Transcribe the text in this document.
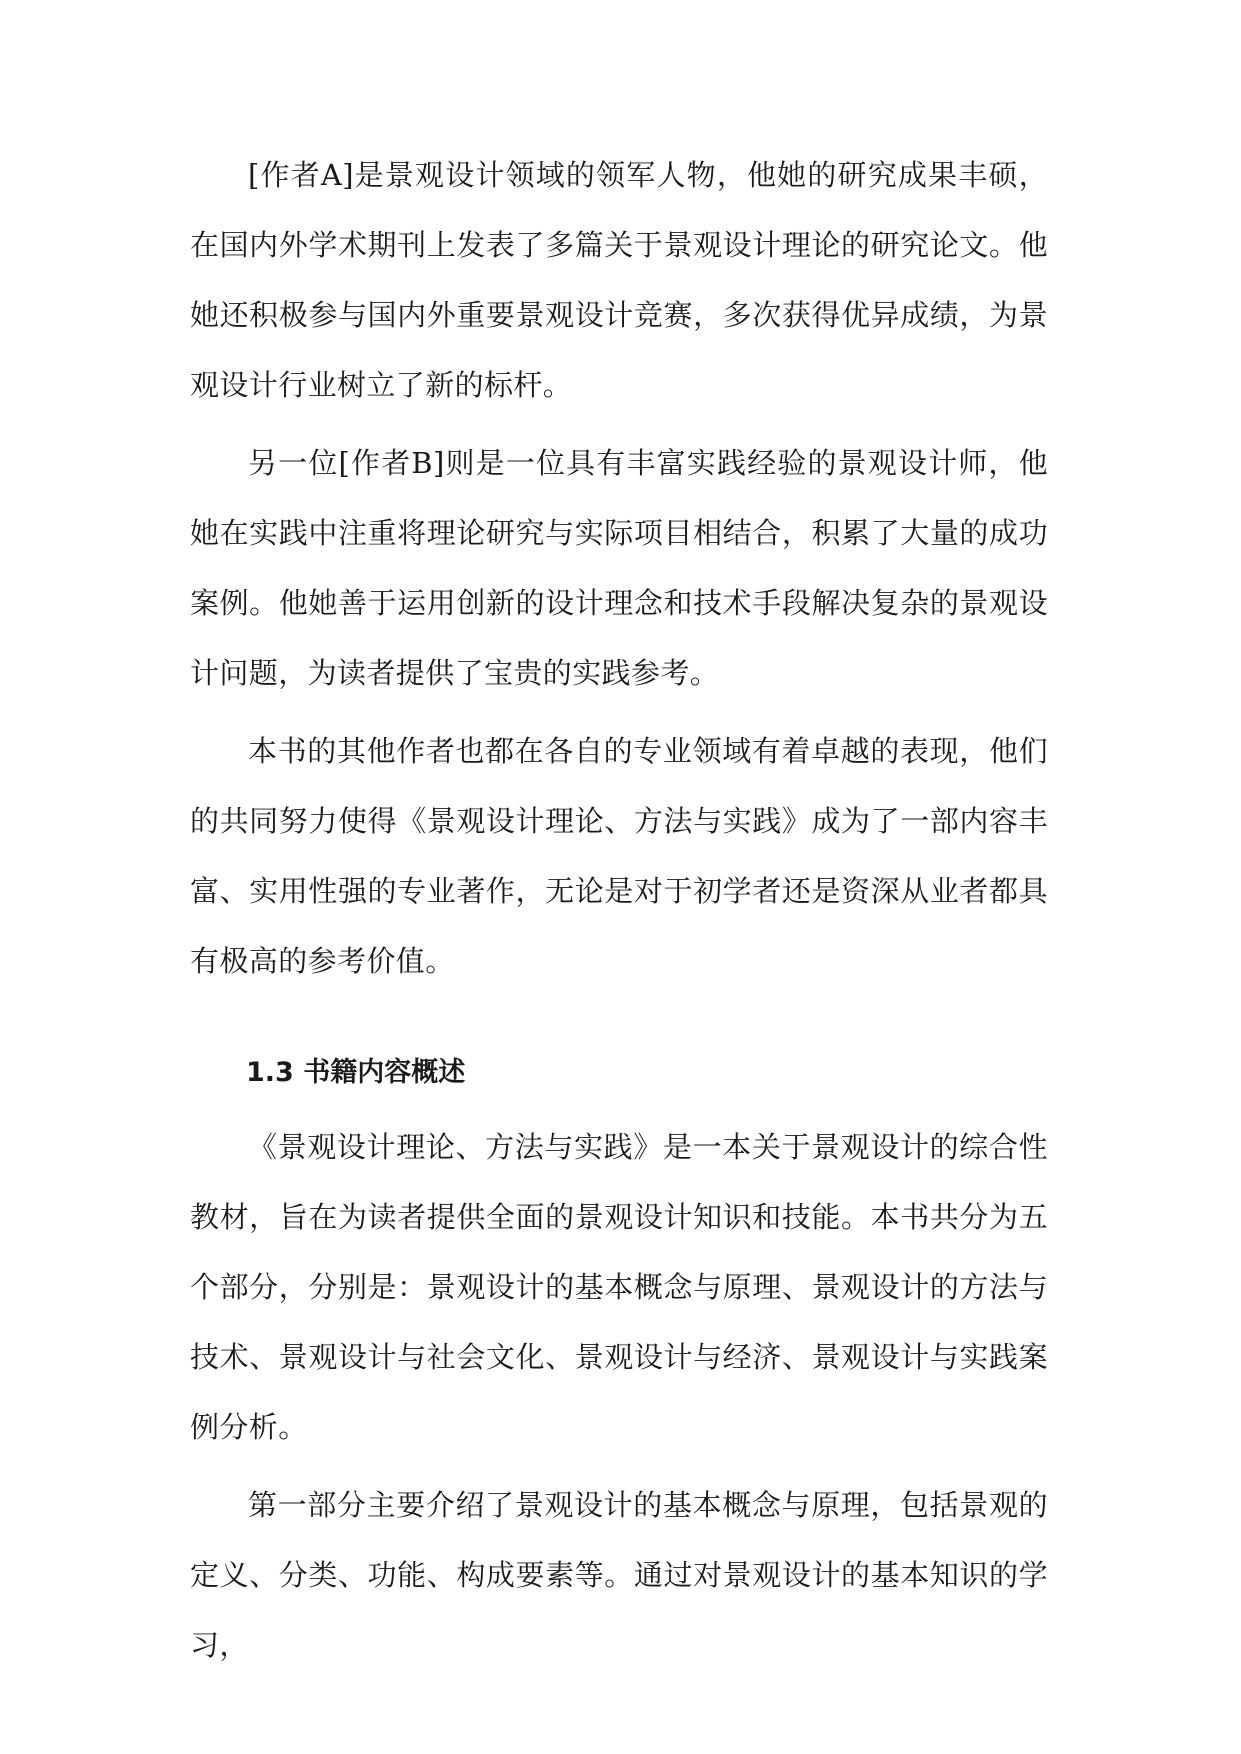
[作者A]是景观设计领域的领军人物，他她的研究成果丰硕，在国内外学术期刊上发表了多篇关于景观设计理论的研究论文。他她还积极参与国内外重要景观设计竞赛，多次获得优异成绩，为景观设计行业树立了新的标杆。

另一位[作者B]则是一位具有丰富实践经验的景观设计师，他她在实践中注重将理论研究与实际项目相结合，积累了大量的成功案例。他她善于运用创新的设计理念和技术手段解决复杂的景观设计问题，为读者提供了宝贵的实践参考。

本书的其他作者也都在各自的专业领域有着卓越的表现，他们的共同努力使得《景观设计理论、方法与实践》成为了一部内容丰富、实用性强的专业著作，无论是对于初学者还是资深从业者都具有极高的参考价值。

1.3 书籍内容概述

《景观设计理论、方法与实践》是一本关于景观设计的综合性教材，旨在为读者提供全面的景观设计知识和技能。本书共分为五个部分，分别是：景观设计的基本概念与原理、景观设计的方法与技术、景观设计与社会文化、景观设计与经济、景观设计与实践案例分析。

第一部分主要介绍了景观设计的基本概念与原理，包括景观的定义、分类、功能、构成要素等。通过对景观设计的基本知识的学习，
